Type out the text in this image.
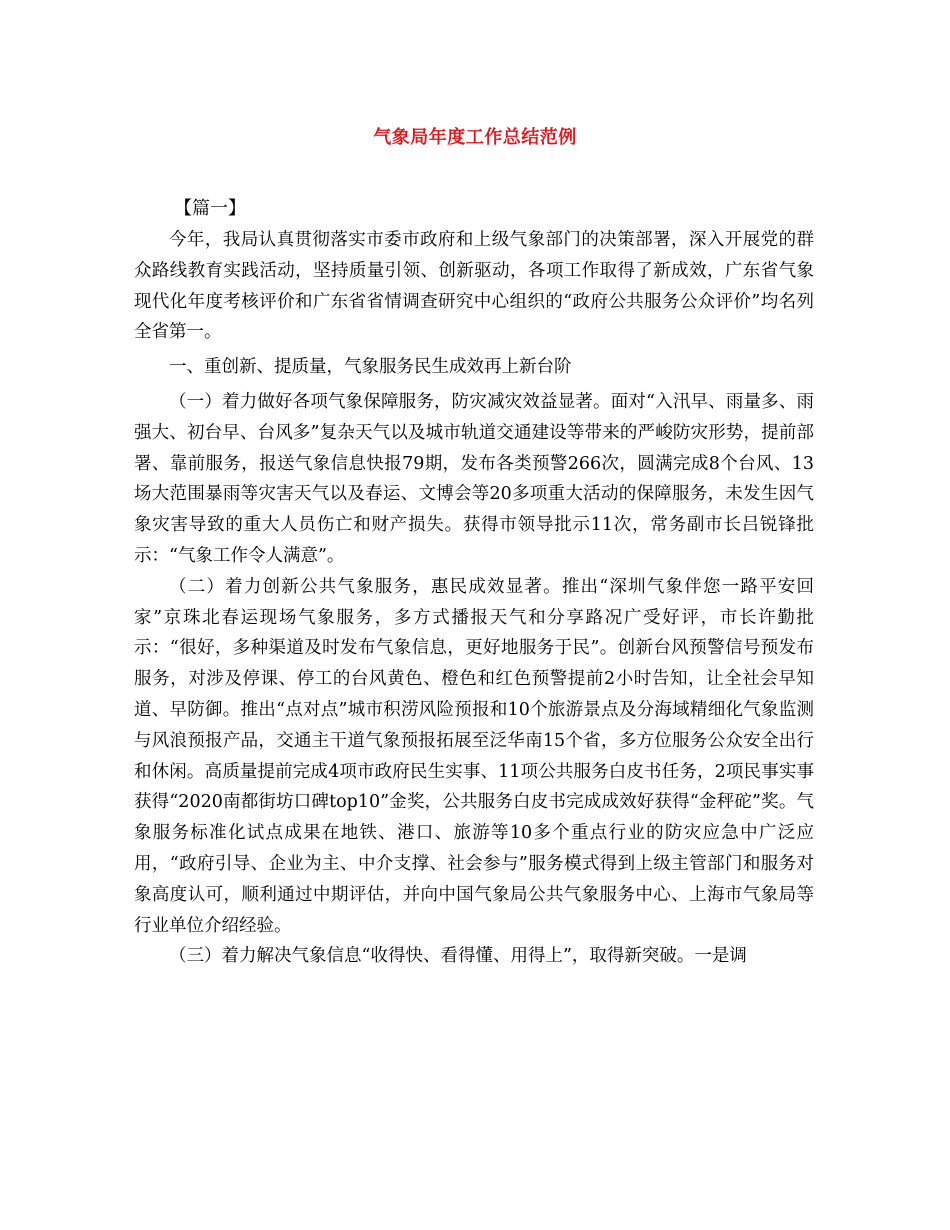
气象局年度工作总结范例
【篇一】

今年，我局认真贯彻落实市委市政府和上级气象部门的决策部署，深入开展党的群众路线教育实践活动，坚持质量引领、创新驱动，各项工作取得了新成效，广东省气象现代化年度考核评价和广东省省情调查研究中心组织的“政府公共服务公众评价”均名列全省第一。

一、重创新、提质量，气象服务民生成效再上新台阶

（一）着力做好各项气象保障服务，防灾减灾效益显著。面对“入汛早、雨量多、雨强大、初台早、台风多”复杂天气以及城市轨道交通建设等带来的严峻防灾形势，提前部署、靠前服务，报送气象信息快报79期，发布各类预警266次，圆满完成8个台风、13场大范围暴雨等灾害天气以及春运、文博会等20多项重大活动的保障服务，未发生因气象灾害导致的重大人员伤亡和财产损失。获得市领导批示11次，常务副市长吕锐锋批示：“气象工作令人满意”。

（二）着力创新公共气象服务，惠民成效显著。推出“深圳气象伴您一路平安回家”京珠北春运现场气象服务，多方式播报天气和分享路况广受好评，市长许勤批示：“很好，多种渠道及时发布气象信息，更好地服务于民”。创新台风预警信号预发布服务，对涉及停课、停工的台风黄色、橙色和红色预警提前2小时告知，让全社会早知道、早防御。推出“点对点”城市积涝风险预报和10个旅游景点及分海域精细化气象监测与风浪预报产品，交通主干道气象预报拓展至泛华南15个省，多方位服务公众安全出行和休闲。高质量提前完成4项市政府民生实事、11项公共服务白皮书任务，2项民事实事获得“2020南都街坊口碑top10”金奖，公共服务白皮书完成成效好获得“金秤砣”奖。气象服务标准化试点成果在地铁、港口、旅游等10多个重点行业的防灾应急中广泛应用，“政府引导、企业为主、中介支撑、社会参与”服务模式得到上级主管部门和服务对象高度认可，顺利通过中期评估，并向中国气象局公共气象服务中心、上海市气象局等行业单位介绍经验。

（三）着力解决气象信息“收得快、看得懂、用得上”，取得新突破。一是调
